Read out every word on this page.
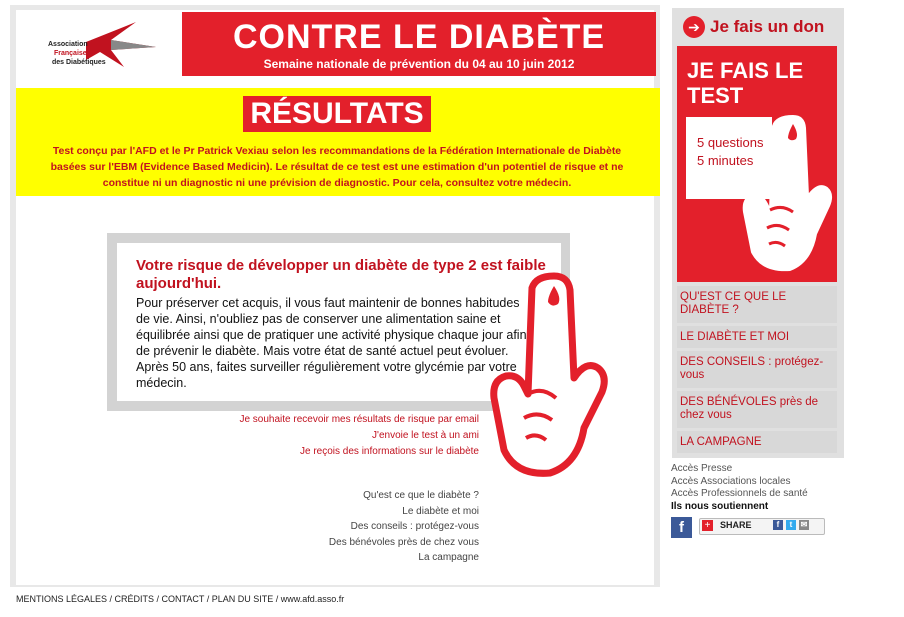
Association
Française
des Diabétiques
CONTRE LE DIABÈTE
Semaine nationale de prévention du 04 au 10 juin 2012
RÉSULTATS
Test conçu par l'AFD et le Pr Patrick Vexiau selon les recommandations de la Fédération Internationale de Diabète basées sur l'EBM (Evidence Based Medicin). Le résultat de ce test est une estimation d'un potentiel de risque et ne constitue ni un diagnostic ni une prévision de diagnostic. Pour cela, consultez votre médecin.
Votre risque de développer un diabète de type 2 est faible aujourd'hui.
Pour préserver cet acquis, il vous faut maintenir de bonnes habitudes de vie. Ainsi, n'oubliez pas de conserver une alimentation saine et équilibrée ainsi que de pratiquer une activité physique chaque jour afin de prévenir le diabète. Mais votre état de santé actuel peut évoluer. Après 50 ans, faites surveiller régulièrement votre glycémie par votre médecin.
Je souhaite recevoir mes résultats de risque par email
J'envoie le test à un ami
Je reçois des informations sur le diabète
Qu'est ce que le diabète ?
Le diabète et moi
Des conseils : protégez-vous
Des bénévoles près de chez vous
La campagne
MENTIONS LÉGALES / CRÉDITS / CONTACT / PLAN DU SITE / www.afd.asso.fr
➔ Je fais un don
JE FAIS LE TEST
5 questions
5 minutes
QU'EST CE QUE LE DIABÈTE ?
LE DIABÈTE ET MOI
DES CONSEILS : protégez-vous
DES BÉNÉVOLES près de chez vous
LA CAMPAGNE
Accès Presse
Accès Associations locales
Accès Professionnels de santé
Ils nous soutiennent
f	+ SHARE	f	t	✉
